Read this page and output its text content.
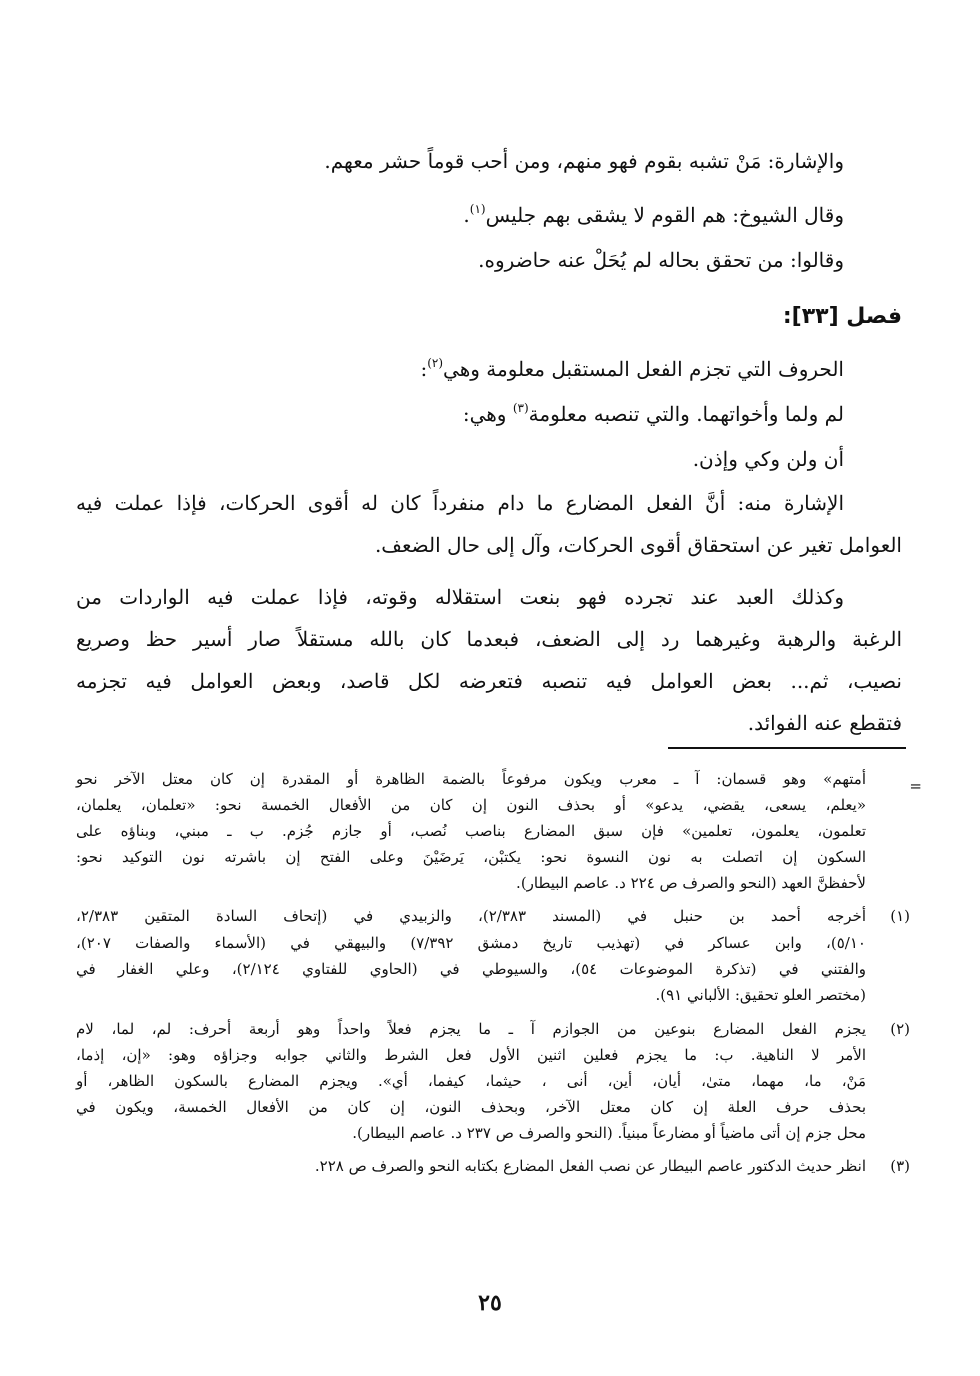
والإشارة: مَنْ تشبه بقوم فهو منهم، ومن أحب قوماً حشر معهم.
وقال الشيوخ: هم القوم لا يشقى بهم جليس$^{(١)}$.
وقالوا: من تحقق بحاله لم يُحَلْ عنه حاضروه.
فصل [٣٣]:
الحروف التي تجزم الفعل المستقبل معلومة وهي$^{(٢)}$:
لم ولما وأخواتهما. والتي تنصبه معلومة$^{(٣)}$ وهي:
أن ولن وكي وإذن.
الإشارة منه: أنَّ الفعل المضارع ما دام منفرداً كان له أقوى الحركات، فإذا عملت فيه
العوامل تغير عن استحقاق أقوى الحركات، وآل إلى حال الضعف.
وكذلك العبد عند تجرده فهو بنعت استقلاله وقوته، فإذا عملت فيه الواردات من
الرغبة والرهبة وغيرهما رد إلى الضعف، فبعدما كان بالله مستقلاً صار أسير حظ وصريع
نصيب، ثم... بعض العوامل فيه تنصبه فتعرضه لكل قاصد، وبعض العوامل فيه تجزمه
فتقطع عنه الفوائد.
=
أمتهم» وهو قسمان: آ ـ معرب ويكون مرفوعاً بالضمة الظاهرة أو المقدرة إن كان معتل الآخر نحو
«يعلم، يسعى، يقضي، يدعو» أو بحذف النون إن كان من الأفعال الخمسة نحو: «تعلمان، يعلمان،
تعلمون، يعلمون، تعلمين» فإن سبق المضارع بناصب نُصب، أو جازم جُزم. ب ـ مبني، وبناؤه على
السكون إن اتصلت به نون النسوة نحو: يكتبْن، يَرضَيْنَ وعلى الفتح إن باشرته نون التوكيد نحو:
لأحفظنَّ العهد (النحو والصرف ص ٢٢٤ د. عاصم البيطار).
(١)
أخرجه أحمد بن حنبل في (المسند ٢/٣٨٣)، والزبيدي في (إتحاف السادة المتقين ٢/٣٨٣،
٥/١٠)، وابن عساكر في (تهذيب تاريخ دمشق ٧/٣٩٢) والبيهقي في (الأسماء والصفات ٢٠٧)،
والفتني في (تذكرة الموضوعات ٥٤)، والسيوطي في (الحاوي للفتاوي ٢/١٢٤)، وعلي الغفار في
(مختصر العلو تحقيق: الألباني ٩١).
(٢)
يجزم الفعل المضارع بنوعين من الجوازم آ ـ ما يجزم فعلاً واحداً وهو أربعة أحرف: لم، لما، لام
الأمر لا الناهية. ب: ما يجزم فعلين اثنين الأول فعل الشرط والثاني جوابه وجزاؤه وهو: «إن، إذما،
مَنْ، ما، مهما، متىٰ، أيان، أين، أنى ، حيثما، كيفما، أي». ويجزم المضارع بالسكون الظاهر، أو
بحذف حرف العلة إن كان معتل الآخر، وبحذف النون، إن كان من الأفعال الخمسة، ويكون في
محل جزم إن أتى ماضياً أو مضارعاً مبنياً. (النحو والصرف ص ٢٣٧ د. عاصم البيطار).
(٣)
انظر حديث الدكتور عاصم البيطار عن نصب الفعل المضارع بكتابه النحو والصرف ص ٢٢٨.
٢٥
